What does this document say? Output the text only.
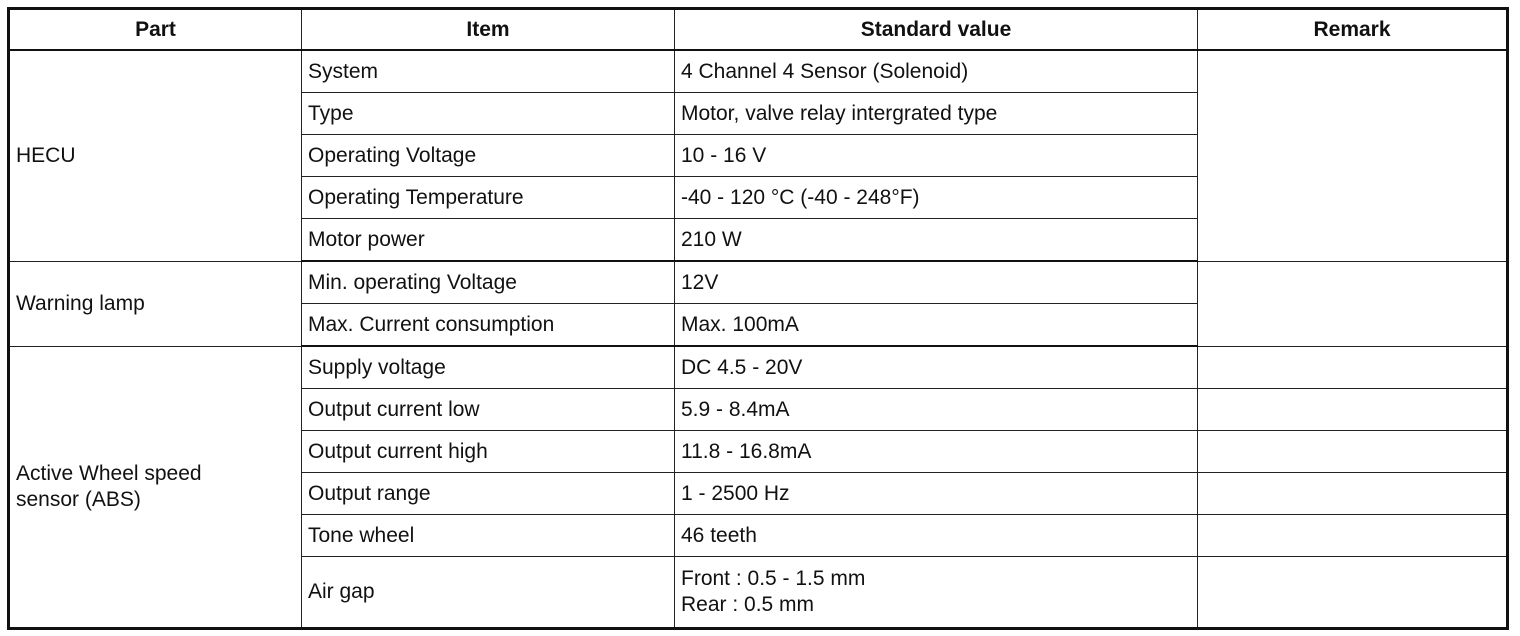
Part	Item	Standard value	Remark
HECU	System	4 Channel 4 Sensor (Solenoid)	
	Type	Motor, valve relay intergrated type	
	Operating Voltage	10 - 16 V	
	Operating Temperature	-40 - 120 °C (-40 - 248°F)	
	Motor power	210 W	
Warning lamp	Min. operating Voltage	12V	
	Max. Current consumption	Max. 100mA	

Active Wheel speed
sensor (ABS)	Supply voltage	DC 4.5 - 20V	
	Output current low	5.9 - 8.4mA	
	Output current high	11.8 - 16.8mA	
	Output range	1 - 2500 Hz	
	Tone wheel	46 teeth	
	Air gap	Front : 0.5 - 1.5 mm
Rear : 0.5 mm	
